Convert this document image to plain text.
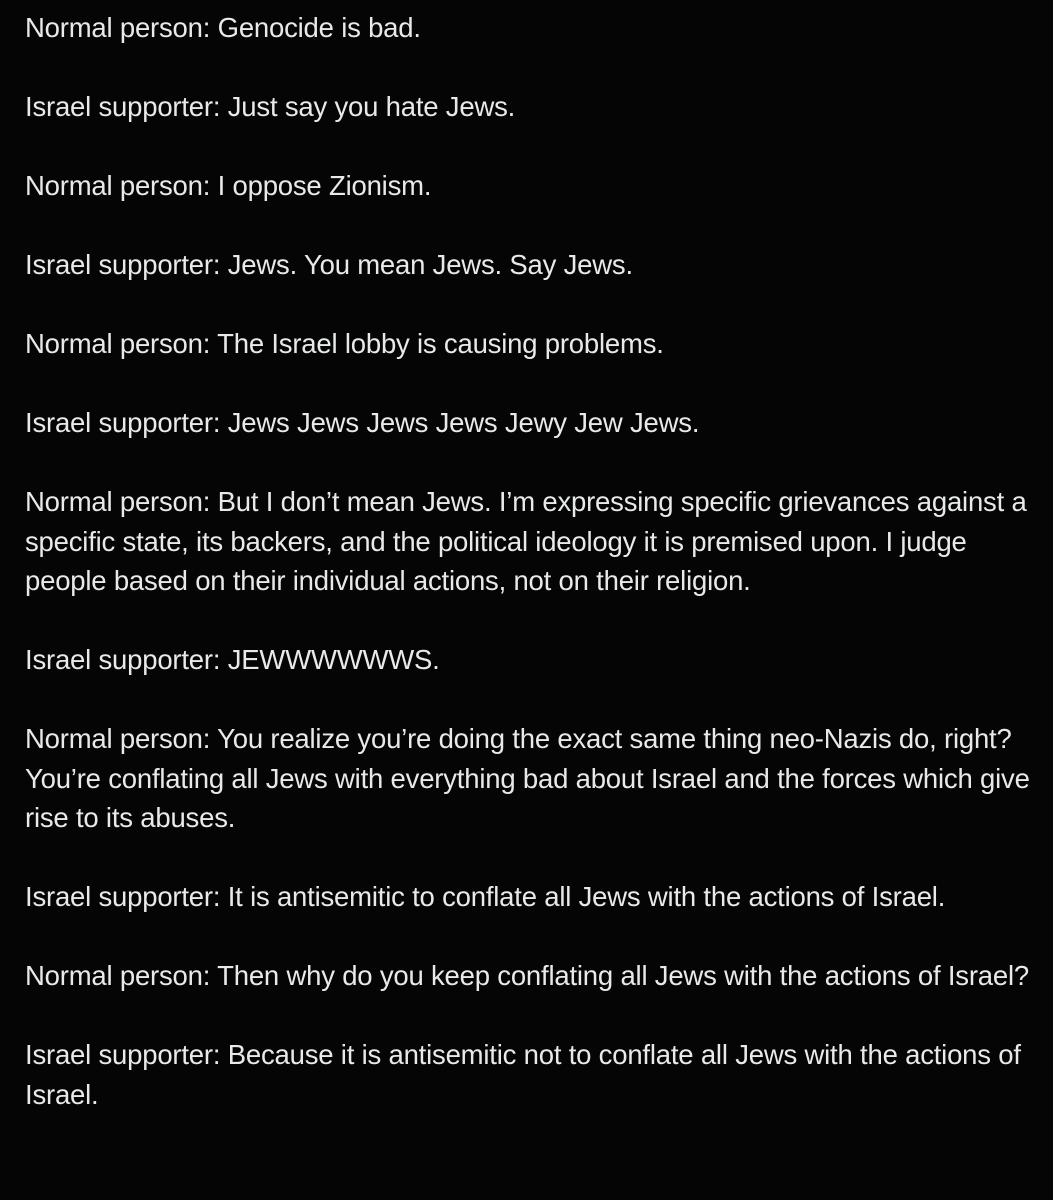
Normal person: Genocide is bad.

Israel supporter: Just say you hate Jews.

Normal person: I oppose Zionism.

Israel supporter: Jews. You mean Jews. Say Jews.

Normal person: The Israel lobby is causing problems.

Israel supporter: Jews Jews Jews Jews Jewy Jew Jews.

Normal person: But I don’t mean Jews. I’m expressing specific grievances against a specific state, its backers, and the political ideology it is premised upon. I judge people based on their individual actions, not on their religion.

Israel supporter: JEWWWWWWS.

Normal person: You realize you’re doing the exact same thing neo-Nazis do, right? You’re conflating all Jews with everything bad about Israel and the forces which give rise to its abuses.

Israel supporter: It is antisemitic to conflate all Jews with the actions of Israel.

Normal person: Then why do you keep conflating all Jews with the actions of Israel?

Israel supporter: Because it is antisemitic not to conflate all Jews with the actions of Israel.
